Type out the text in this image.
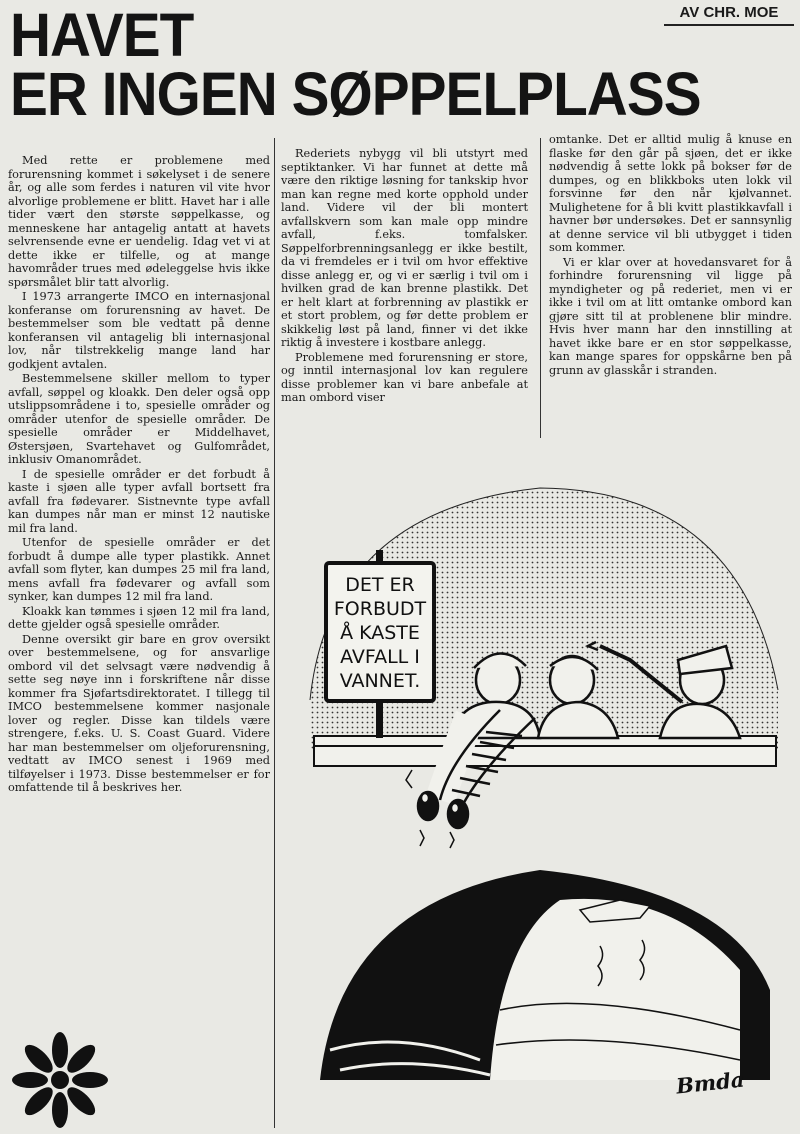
HAVET
ER INGEN SØPPELPLASS
AV CHR. MOE

Med rette er problemene med forurensning kommet i søkelyset i de senere år, og alle som ferdes i naturen vil vite hvor alvorlige problemene er blitt. Havet har i alle tider vært den største søppelkasse, og menneskene har antagelig antatt at havets selvrensende evne er uendelig. Idag vet vi at dette ikke er tilfelle, og at mange havområder trues med ødeleggelse hvis ikke spørsmålet blir tatt alvorlig.

I 1973 arrangerte IMCO en internasjonal konferanse om forurensning av havet. De bestemmelser som ble vedtatt på denne konferansen vil antagelig bli internasjonal lov, når tilstrekkelig mange land har godkjent avtalen.

Bestemmelsene skiller mellom to typer avfall, søppel og kloakk. Den deler også opp utslippsområdene i to, spesielle områder og områder utenfor de spesielle områder. De spesielle områder er Middelhavet, Østersjøen, Svartehavet og Gulfområdet, inklusiv Omanområdet.

I de spesielle områder er det forbudt å kaste i sjøen alle typer avfall bortsett fra avfall fra fødevarer. Sistnevnte type avfall kan dumpes når man er minst 12 nautiske mil fra land.

Utenfor de spesielle områder er det forbudt å dumpe alle typer plastikk. Annet avfall som flyter, kan dumpes 25 mil fra land, mens avfall fra fødevarer og avfall som synker, kan dumpes 12 mil fra land.

Kloakk kan tømmes i sjøen 12 mil fra land, dette gjelder også spesielle områder.

Denne oversikt gir bare en grov oversikt over bestemmelsene, og for ansvarlige ombord vil det selvsagt være nødvendig å sette seg nøye inn i forskriftene når disse kommer fra Sjøfartsdirektoratet. I tillegg til IMCO bestemmelsene kommer nasjonale lover og regler. Disse kan tildels være strengere, f.eks. U. S. Coast Guard. Videre har man bestemmelser om oljeforurensning, vedtatt av IMCO senest i 1969 med tilføyelser i 1973. Disse bestemmelser er for omfattende til å beskrives her.

Rederiets nybygg vil bli utstyrt med septiktanker. Vi har funnet at dette må være den riktige løsning for tankskip hvor man kan regne med korte opphold under land. Videre vil der bli montert avfallskvern som kan male opp mindre avfall, f.eks. tomfalsker. Søppelforbrenningsanlegg er ikke bestilt, da vi fremdeles er i tvil om hvor effektive disse anlegg er, og vi er særlig i tvil om i hvilken grad de kan brenne plastikk. Det er helt klart at forbrenning av plastikk er et stort problem, og før dette problem er skikkelig løst på land, finner vi det ikke riktig å investere i kostbare anlegg.

Problemene med forurensning er store, og inntil internasjonal lov kan regulere disse problemer kan vi bare anbefale at man ombord viser

omtanke. Det er alltid mulig å knuse en flaske før den går på sjøen, det er ikke nødvendig å sette lokk på bokser før de dumpes, og en blikkboks uten lokk vil forsvinne før den når kjølvannet. Mulighetene for å bli kvitt plastikkavfall i havner bør undersøkes. Det er sannsynlig at denne service vil bli utbygget i tiden som kommer.

Vi er klar over at hovedansvaret for å forhindre forurensning vil ligge på myndigheter og på rederiet, men vi er ikke i tvil om at litt omtanke ombord kan gjøre sitt til at problenene blir mindre. Hvis hver mann har den innstilling at havet ikke bare er en stor søppelkasse, kan mange spares for oppskårne ben på grunn av glasskår i stranden.

DET ER
FORBUDT
Å KASTE
AVFALL I
VANNET.
Bmda
